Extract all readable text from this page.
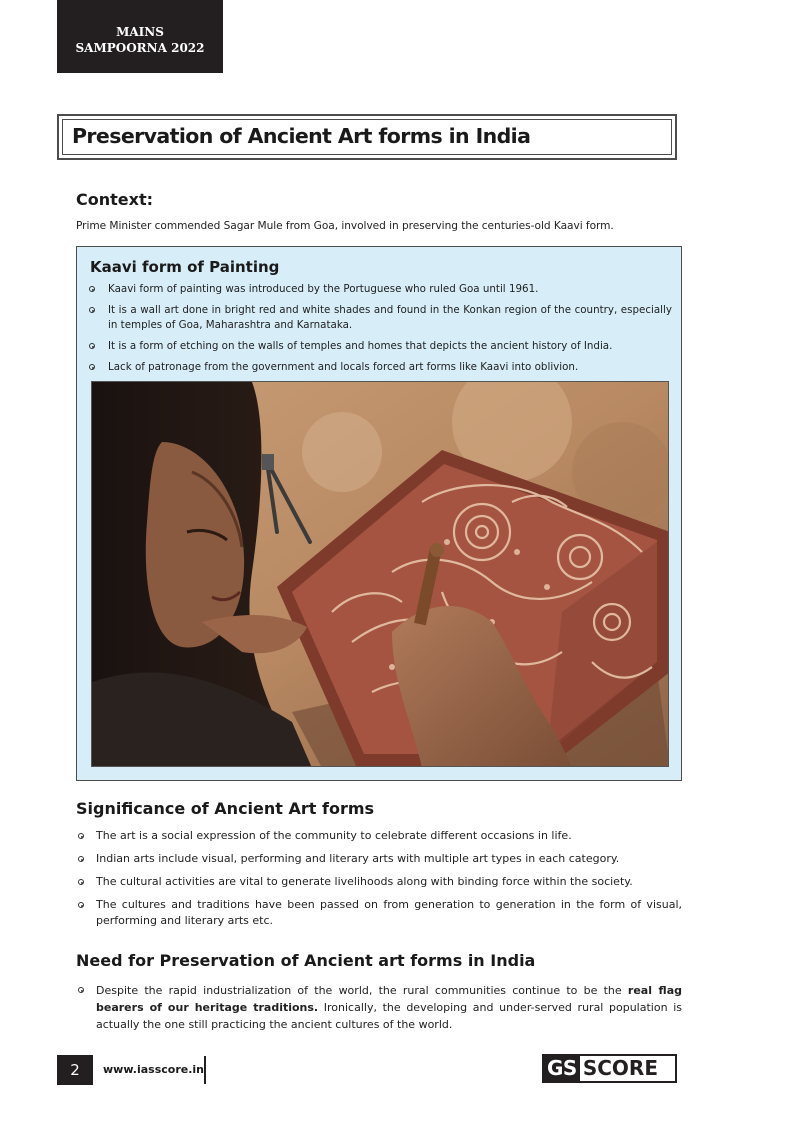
MAINS
SAMPOORNA 2022
Preservation of Ancient Art forms in India
Context:
Prime Minister commended Sagar Mule from Goa, involved in preserving the centuries-old Kaavi form.
Kaavi form of Painting
Kaavi form of painting was introduced by the Portuguese who ruled Goa until 1961.
It is a wall art done in bright red and white shades and found in the Konkan region of the country, especially in temples of Goa, Maharashtra and Karnataka.
It is a form of etching on the walls of temples and homes that depicts the ancient history of India.
Lack of patronage from the government and locals forced art forms like Kaavi into oblivion.
Significance of Ancient Art forms
The art is a social expression of the community to celebrate different occasions in life.
Indian arts include visual, performing and literary arts with multiple art types in each category.
The cultural activities are vital to generate livelihoods along with binding force within the society.
The cultures and traditions have been passed on from generation to generation in the form of visual, performing and literary arts etc.
Need for Preservation of Ancient art forms in India
Despite the rapid industrialization of the world, the rural communities continue to be the real flag bearers of our heritage traditions. Ironically, the developing and under-served rural population is actually the one still practicing the ancient cultures of the world.
2	www.iasscore.in	GS SCORE
